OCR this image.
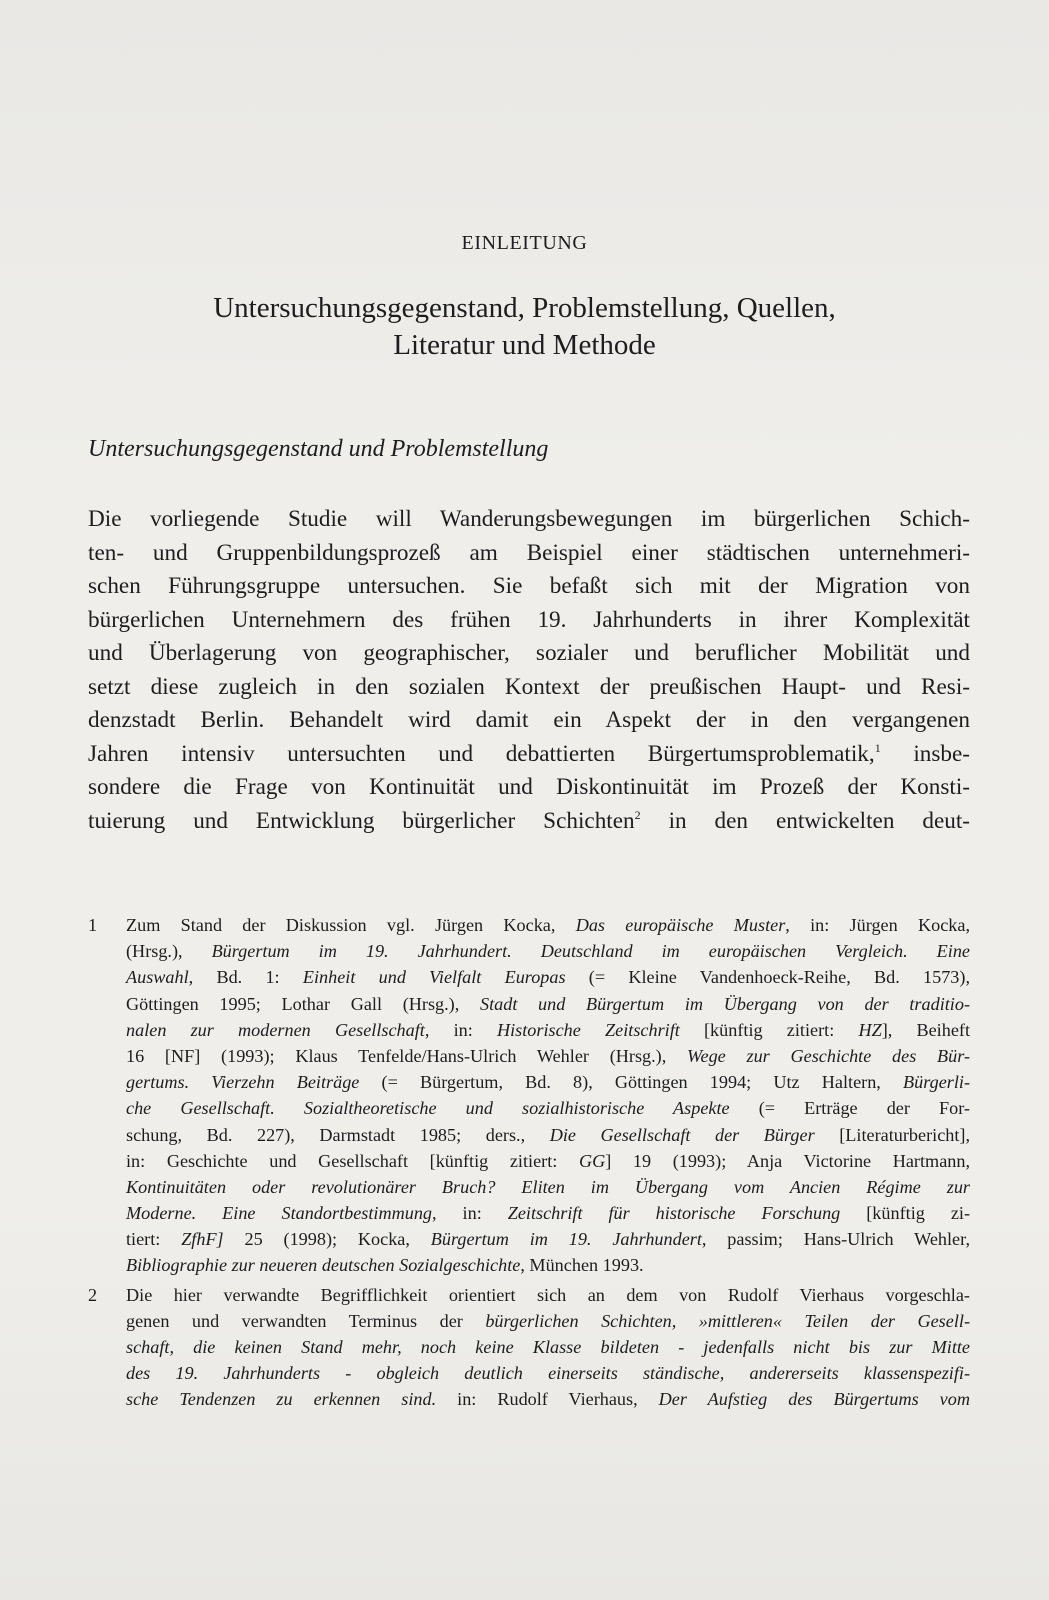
EINLEITUNG
Untersuchungsgegenstand, Problemstellung, Quellen,
Literatur und Methode
Untersuchungsgegenstand und Problemstellung
Die vorliegende Studie will Wanderungsbewegungen im bürgerlichen Schich-
ten- und Gruppenbildungsprozeß am Beispiel einer städtischen unternehmeri-
schen Führungsgruppe untersuchen. Sie befaßt sich mit der Migration von
bürgerlichen Unternehmern des frühen 19. Jahrhunderts in ihrer Komplexität
und Überlagerung von geographischer, sozialer und beruflicher Mobilität und
setzt diese zugleich in den sozialen Kontext der preußischen Haupt- und Resi-
denzstadt Berlin. Behandelt wird damit ein Aspekt der in den vergangenen
Jahren intensiv untersuchten und debattierten Bürgertumsproblematik,$^1$ insbe-
sondere die Frage von Kontinuität und Diskontinuität im Prozeß der Konsti-
tuierung und Entwicklung bürgerlicher Schichten$^2$ in den entwickelten deut-
1 Zum Stand der Diskussion vgl. Jürgen Kocka, Das europäische Muster, in: Jürgen Kocka,
(Hrsg.), Bürgertum im 19. Jahrhundert. Deutschland im europäischen Vergleich. Eine
Auswahl, Bd. 1: Einheit und Vielfalt Europas (= Kleine Vandenhoeck-Reihe, Bd. 1573),
Göttingen 1995; Lothar Gall (Hrsg.), Stadt und Bürgertum im Übergang von der traditio-
nalen zur modernen Gesellschaft, in: Historische Zeitschrift [künftig zitiert: HZ], Beiheft
16 [NF] (1993); Klaus Tenfelde/Hans-Ulrich Wehler (Hrsg.), Wege zur Geschichte des Bür-
gertums. Vierzehn Beiträge (= Bürgertum, Bd. 8), Göttingen 1994; Utz Haltern, Bürgerli-
che Gesellschaft. Sozialtheoretische und sozialhistorische Aspekte (= Erträge der For-
schung, Bd. 227), Darmstadt 1985; ders., Die Gesellschaft der Bürger [Literaturbericht],
in: Geschichte und Gesellschaft [künftig zitiert: GG] 19 (1993); Anja Victorine Hartmann,
Kontinuitäten oder revolutionärer Bruch? Eliten im Übergang vom Ancien Régime zur
Moderne. Eine Standortbestimmung, in: Zeitschrift für historische Forschung [künftig zi-
tiert: ZfhF] 25 (1998); Kocka, Bürgertum im 19. Jahrhundert, passim; Hans-Ulrich Wehler,
Bibliographie zur neueren deutschen Sozialgeschichte, München 1993.
2 Die hier verwandte Begrifflichkeit orientiert sich an dem von Rudolf Vierhaus vorgeschla-
genen und verwandten Terminus der bürgerlichen Schichten, »mittleren« Teilen der Gesell-
schaft, die keinen Stand mehr, noch keine Klasse bildeten - jedenfalls nicht bis zur Mitte
des 19. Jahrhunderts - obgleich deutlich einerseits ständische, andererseits klassenspezifi-
sche Tendenzen zu erkennen sind. in: Rudolf Vierhaus, Der Aufstieg des Bürgertums vom
